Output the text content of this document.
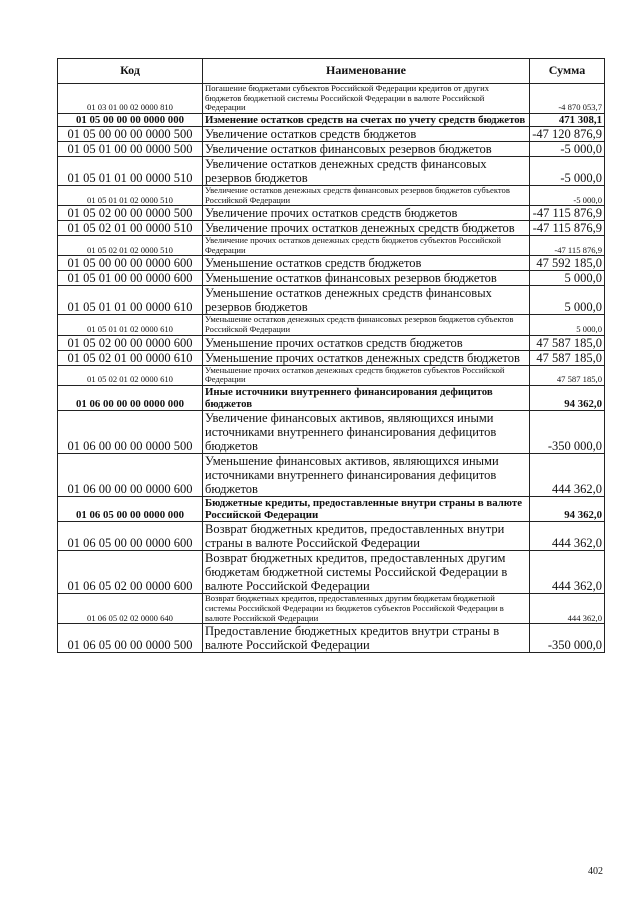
Код	Наименование	Сумма
01 03 01 00 02 0000 810	Погашение бюджетами субъектов Российской Федерации кредитов от других бюджетов бюджетной системы Российской Федерации в валюте Российской Федерации	-4 870 053,7
01 05 00 00 00 0000 000	Изменение остатков средств на счетах по учету средств бюджетов	471 308,1
01 05 00 00 00 0000 500	Увеличение остатков средств бюджетов	-47 120 876,9
01 05 01 00 00 0000 500	Увеличение остатков финансовых резервов бюджетов	-5 000,0
01 05 01 01 00 0000 510	Увеличение остатков денежных средств финансовых резервов бюджетов	-5 000,0
01 05 01 01 02 0000 510	Увеличение остатков денежных средств финансовых резервов бюджетов субъектов Российской Федерации	-5 000,0
01 05 02 00 00 0000 500	Увеличение прочих остатков средств бюджетов	-47 115 876,9
01 05 02 01 00 0000 510	Увеличение прочих остатков денежных средств бюджетов	-47 115 876,9
01 05 02 01 02 0000 510	Увеличение прочих остатков денежных средств бюджетов субъектов Российской Федерации	-47 115 876,9
01 05 00 00 00 0000 600	Уменьшение остатков средств бюджетов	47 592 185,0
01 05 01 00 00 0000 600	Уменьшение остатков финансовых резервов бюджетов	5 000,0
01 05 01 01 00 0000 610	Уменьшение остатков денежных средств финансовых резервов бюджетов	5 000,0
01 05 01 01 02 0000 610	Уменьшение остатков денежных средств финансовых резервов бюджетов субъектов Российской Федерации	5 000,0
01 05 02 00 00 0000 600	Уменьшение прочих остатков средств бюджетов	47 587 185,0
01 05 02 01 00 0000 610	Уменьшение прочих остатков денежных средств бюджетов	47 587 185,0
01 05 02 01 02 0000 610	Уменьшение прочих остатков денежных средств бюджетов субъектов Российской Федерации	47 587 185,0
01 06 00 00 00 0000 000	Иные источники внутреннего финансирования дефицитов бюджетов	94 362,0
01 06 00 00 00 0000 500	Увеличение финансовых активов, являющихся иными источниками внутреннего финансирования дефицитов бюджетов	-350 000,0
01 06 00 00 00 0000 600	Уменьшение финансовых активов, являющихся иными источниками внутреннего финансирования дефицитов бюджетов	444 362,0
01 06 05 00 00 0000 000	Бюджетные кредиты, предоставленные внутри страны в валюте Российской Федерации	94 362,0
01 06 05 00 00 0000 600	Возврат бюджетных кредитов, предоставленных внутри страны в валюте Российской Федерации	444 362,0
01 06 05 02 00 0000 600	Возврат бюджетных кредитов, предоставленных другим бюджетам бюджетной системы Российской Федерации в валюте Российской Федерации	444 362,0
01 06 05 02 02 0000 640	Возврат бюджетных кредитов, предоставленных другим бюджетам бюджетной системы Российской Федерации из бюджетов субъектов Российской Федерации в валюте Российской Федерации	444 362,0
01 06 05 00 00 0000 500	Предоставление бюджетных кредитов внутри страны в валюте Российской Федерации	-350 000,0
402
